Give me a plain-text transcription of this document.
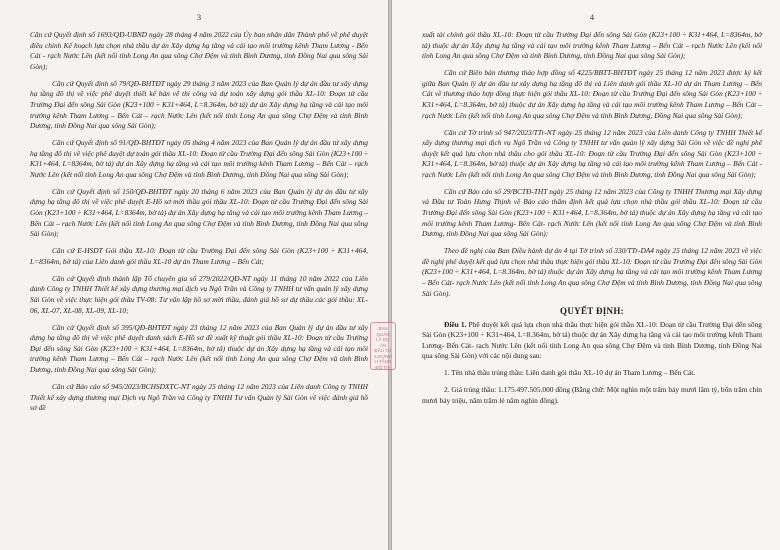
3

Căn cứ Quyết định số 1693/QĐ-UBND ngày 28 tháng 4 năm 2022 của Ủy ban nhân dân Thành phố về phê duyệt điều chỉnh Kế hoạch lựa chọn nhà thầu dự án Xây dựng hạ tầng và cải tạo môi trường kênh Tham Lương - Bến Cát - rạch Nước Lên (kết nối tỉnh Long An qua sông Chợ Đệm và tỉnh Bình Dương, tỉnh Đồng Nai qua sông Sài Gòn);

Căn cứ Quyết định số 79/QĐ-BHTĐT ngày 29 tháng 3 năm 2023 của Ban Quản lý dự án đầu tư xây dựng hạ tầng đô thị về việc phê duyệt thiết kế bản vẽ thi công và dự toán xây dựng gói thầu XL-10: Đoạn từ cầu Trường Đại đến sông Sài Gòn (K23+100 ÷ K31+464, L=8.364m, bờ tả) dự án Xây dựng hạ tầng và cải tạo môi trường kênh Tham Lương – Bến Cát – rạch Nước Lên (kết nối tỉnh Long An qua sông Chợ Đệm và tỉnh Bình Dương, tỉnh Đồng Nai qua sông Sài Gòn);

Căn cứ Quyết định số 91/QĐ-BHTĐT ngày 05 tháng 4 năm 2023 của Ban Quản lý dự án đầu tư xây dựng hạ tầng đô thị về việc phê duyệt dự toán gói thầu XL-10: Đoạn từ cầu Trường Đại đến sông Sài Gòn (K23+100 ÷ K31+464, L=8364m, bờ tả) dự án Xây dựng hạ tầng và cải tạo môi trường kênh Tham Lương – Bến Cát – rạch Nước Lên (kết nối tỉnh Long An qua sông Chợ Đệm và tỉnh Bình Dương, tỉnh Đồng Nai qua sông Sài Gòn);

Căn cứ Quyết định số 150/QĐ-BHTĐT ngày 20 tháng 6 năm 2023 của Ban Quản lý dự án đầu tư xây dựng hạ tầng đô thị về việc phê duyệt E-Hồ sơ mời thầu gói thầu XL-10: Đoạn từ cầu Trường Đại đến sông Sài Gòn (K23+100 ÷ K31+464, L=8364m, bờ tả) dự án Xây dựng hạ tầng và cải tạo môi trường kênh Tham Lương – Bến Cát – rạch Nước Lên (kết nối tỉnh Long An qua sông Chợ Đệm và tỉnh Bình Dương, tỉnh Đồng Nai qua sông Sài Gòn);

Căn cứ E-HSDT Gói thầu XL-10: Đoạn từ cầu Trường Đại đến sông Sài Gòn (K23+100 ÷ K31+464, L=8364m, bờ tả) của Liên danh gói thầu XL-10 dự án Tham Lương – Bến Cát;

Căn cứ Quyết định thành lập Tổ chuyên gia số 279/2022/QĐ-NT ngày 11 tháng 10 năm 2022 của Liên danh Công ty TNHH Thiết kế xây dựng thương mại dịch vụ Ngô Trần và Công ty TNHH tư vấn quản lý xây dựng Sài Gòn về việc thực hiện gói thầu TV-08: Tư vấn lập hồ sơ mời thầu, đánh giá hồ sơ dự thầu các gói thầu: XL-06, XL-07, XL-08, XL-09, XL-10;

Căn cứ Quyết định số 395/QĐ-BHTĐT ngày 23 tháng 12 năm 2023 của Ban Quản lý dự án đầu tư xây dựng hạ tầng đô thị về việc phê duyệt danh sách E-Hồ sơ đề xuất kỹ thuật gói thầu XL-10: Đoạn từ cầu Trường Đại đến sông Sài Gòn (K23+100 ÷ K31+464, L=8364m, bờ tả) thuộc dự án Xây dựng hạ tầng và cải tạo môi trường kênh Tham Lương – Bến Cát – rạch Nước Lên (kết nối tỉnh Long An qua sông Chợ Đệm và tỉnh Bình Dương, tỉnh Đồng Nai qua sông Sài Gòn);

Căn cứ Báo cáo số 945/2023/BCHSDXTC-NT ngày 25 tháng 12 năm 2023 của Liên danh Công ty TNHH Thiết kế xây dựng thương mại Dịch vụ Ngô Trần và Công ty TNHH Tư vấn Quản lý Sài Gòn về việc đánh giá hồ sơ đề

BAN
QUẢN
LÝ DỰ
ÁN
ĐẦU TƯ
X.DỰNG
H.TẦNG
ĐÔ THỊ
4

xuất tài chính gói thầu XL-10: Đoạn từ cầu Trường Đại đến sông Sài Gòn (K23+100 ÷ K31+464, L=8364m, bờ tả) thuộc dự án Xây dựng hạ tầng và cải tạo môi trường kênh Tham Lương – Bến Cát – rạch Nước Lên (kết nối tỉnh Long An qua sông Chợ Đệm và tỉnh Bình Dương, tỉnh Đồng Nai qua sông Sài Gòn);

Căn cứ Biên bản thương thảo hợp đồng số 4225/BBTT-BHTĐT ngày 25 tháng 12 năm 2023 được ký kết giữa Ban Quản lý dự án đầu tư xây dựng hạ tầng đô thị và Liên danh gói thầu XL-10 dự án Tham Lương – Bến Cát về thương thảo hợp đồng thực hiện gói thầu XL-10: Đoạn từ cầu Trường Đại đến sông Sài Gòn (K23+100 ÷ K31+464, L=8.364m, bờ tả) thuộc dự án Xây dựng hạ tầng và cải tạo môi trường kênh Tham Lương – Bến Cát – rạch Nước Lên (kết nối tỉnh Long An qua sông Chợ Đệm và tỉnh Bình Dương, Đồng Nai qua sông Sài Gòn);

Căn cứ Tờ trình số 947/2023/TTr-NT ngày 25 tháng 12 năm 2023 của Liên danh Công ty TNHH Thiết kế xây dựng thương mại dịch vụ Ngô Trần và Công ty TNHH tư vấn quản lý xây dựng Sài Gòn về việc đề nghị phê duyệt kết quả lựa chọn nhà thầu cho gói thầu XL-10: Đoạn từ cầu Trường Đại đến sông Sài Gòn (K23+100 ÷ K31+464, L=8.364m, bờ tả) thuộc dự án Xây dựng hạ tầng và cải tạo môi trường kênh Tham Lương – Bến Cát - rạch Nước Lên (kết nối tỉnh Long An qua sông Chợ Đệm và tỉnh Bình Dương, tỉnh Đồng Nai qua sông Sài Gòn);

Căn cứ Báo cáo số 29/BCTĐ-THT ngày 25 tháng 12 năm 2023 của Công ty TNHH Thương mại Xây dựng và Đầu tư Toàn Hưng Thịnh về Báo cáo thẩm định kết quả lựa chọn nhà thầu gói thầu XL-10: Đoạn từ cầu Trường Đại đến sông Sài Gòn (K23+100 ÷ K31+464, L=8.364m, bờ tả) thuộc dự án Xây dựng hạ tầng và cải tạo môi trường kênh Tham Lương- Bến Cát- rạch Nước Lên (kết nối tỉnh Long An qua sông Chợ Đệm và tỉnh Bình Dương, tỉnh Đồng Nai qua sông Sài Gòn);

Theo đề nghị của Ban Điều hành dự án 4 tại Tờ trình số 330/TTr-DA4 ngày 25 tháng 12 năm 2023 về việc đề nghị phê duyệt kết quả lựa chọn nhà thầu thực hiện gói thầu XL-10: Đoạn từ cầu Trường Đại đến sông Sài Gòn (K23+100 ÷ K31+464, L=8.364m, bờ tả) thuộc dự án Xây dựng hạ tầng và cải tạo môi trường kênh Tham Lương – Bến Cát- rạch Nước Lên (kết nối tỉnh Long An qua sông Chợ Đệm và tỉnh Bình Dương, tỉnh Đồng Nai qua sông Sài Gòn).

QUYẾT ĐỊNH:

Điều 1. Phê duyệt kết quả lựa chọn nhà thầu thực hiện gói thầu XL-10: Đoạn từ cầu Trường Đại đến sông Sài Gòn (K23+100 ÷ K31+464, L=8.364m, bờ tả) thuộc dự án Xây dựng hạ tầng và cải tạo môi trường kênh Tham Lương- Bến Cát- rạch Nước Lên (kết nối tỉnh Long An qua sông Chợ Đệm và tỉnh Bình Dương, tỉnh Đồng Nai qua sông Sài Gòn) với các nội dung sau:

1. Tên nhà thầu trúng thầu: Liên danh gói thầu XL-10 dự án Tham Lương – Bến Cát.

2. Giá trúng thầu: 1.175.497.505.000 đồng (Bằng chữ: Một nghìn một trăm bảy mươi lăm tỷ, bốn trăm chín mươi bảy triệu, năm trăm lẻ năm nghìn đồng).
